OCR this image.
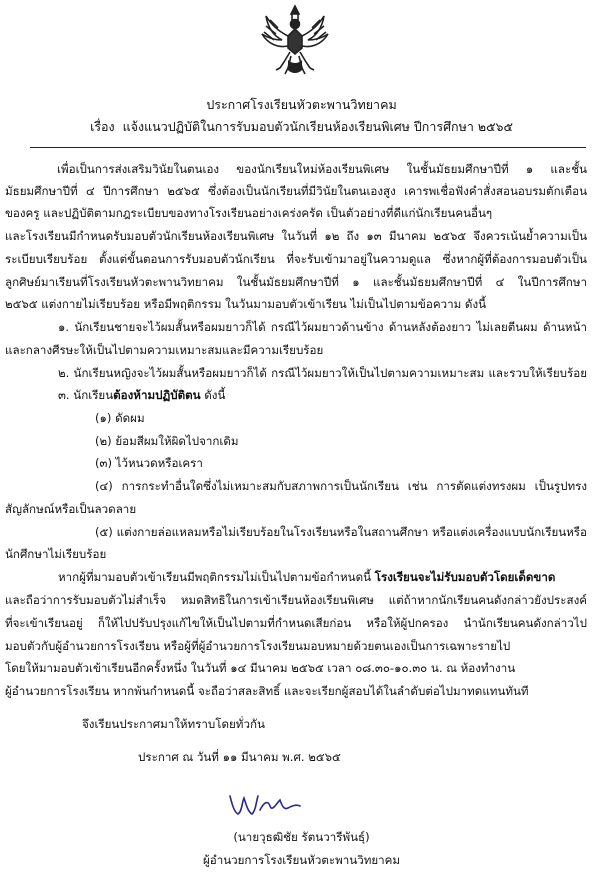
ประกาศโรงเรียนหัวตะพานวิทยาคม
เรื่อง แจ้งแนวปฏิบัติในการรับมอบตัวนักเรียนห้องเรียนพิเศษ ปีการศึกษา ๒๕๖๕
เพื่อเป็นการส่งเสริมวินัยในตนเอง ของนักเรียนใหม่ห้องเรียนพิเศษ ในชั้นมัธยมศึกษาปีที่ ๑ และชั้น
มัธยมศึกษาปีที่ ๔ ปีการศึกษา ๒๕๖๕ ซึ่งต้องเป็นนักเรียนที่มีวินัยในตนเองสูง เคารพเชื่อฟังคำสั่งสอนอบรมตักเตือน
ของครู และปฏิบัติตามกฎระเบียบของทางโรงเรียนอย่างเคร่งครัด เป็นตัวอย่างที่ดีแก่นักเรียนคนอื่นๆ
และโรงเรียนมีกำหนดรับมอบตัวนักเรียนห้องเรียนพิเศษ ในวันที่ ๑๒ ถึง ๑๓ มีนาคม ๒๕๖๕ จึงควรเน้นย้ำความเป็น
ระเบียบเรียบร้อย ตั้งแต่ขั้นตอนการรับมอบตัวนักเรียน ที่จะรับเข้ามาอยู่ในความดูแล ซึ่งหากผู้ที่ต้องการมอบตัวเป็น
ลูกศิษย์มาเรียนที่โรงเรียนหัวตะพานวิทยาคม ในชั้นมัธยมศึกษาปีที่ ๑ และชั้นมัธยมศึกษาปีที่ ๔ ในปีการศึกษา
๒๕๖๕ แต่งกายไม่เรียบร้อย หรือมีพฤติกรรม ในวันมามอบตัวเข้าเรียน ไม่เป็นไปตามข้อความ ดังนี้
๑. นักเรียนชายจะไว้ผมสั้นหรือผมยาวก็ได้ กรณีไว้ผมยาวด้านข้าง ด้านหลังต้องยาว ไม่เลยตีนผม ด้านหน้า
และกลางศีรษะให้เป็นไปตามความเหมาะสมและมีความเรียบร้อย
๒. นักเรียนหญิงจะไว้ผมสั้นหรือผมยาวก็ได้ กรณีไว้ผมยาวให้เป็นไปตามความเหมาะสม และรวบให้เรียบร้อย
๓. นักเรียนต้องห้ามปฏิบัติตน ดังนี้
(๑) ดัดผม
(๒) ย้อมสีผมให้ผิดไปจากเดิม
(๓) ไว้หนวดหรือเครา
(๔) การกระทำอื่นใดซึ่งไม่เหมาะสมกับสภาพการเป็นนักเรียน เช่น การตัดแต่งทรงผม เป็นรูปทรง
สัญลักษณ์หรือเป็นลวดลาย
(๕) แต่งกายล่อแหลมหรือไม่เรียบร้อยในโรงเรียนหรือในสถานศึกษา หรือแต่งเครื่องแบบนักเรียนหรือ
นักศึกษาไม่เรียบร้อย
หากผู้ที่มามอบตัวเข้าเรียนมีพฤติกรรมไม่เป็นไปตามข้อกำหนดนี้ โรงเรียนจะไม่รับมอบตัวโดยเด็ดขาด
และถือว่าการรับมอบตัวไม่สำเร็จ หมดสิทธิในการเข้าเรียนห้องเรียนพิเศษ แต่ถ้าหากนักเรียนคนดังกล่าวยังประสงค์
ที่จะเข้าเรียนอยู่ ก็ให้ไปปรับปรุงแก้ไขให้เป็นไปตามที่กำหนดเสียก่อน หรือให้ผู้ปกครอง นำนักเรียนคนดังกล่าวไป
มอบตัวกับผู้อำนวยการโรงเรียน หรือผู้ที่ผู้อำนวยการโรงเรียนมอบหมายด้วยตนเองเป็นการเฉพาะรายไป
โดยให้มามอบตัวเข้าเรียนอีกครั้งหนึ่ง ในวันที่ ๑๔ มีนาคม ๒๕๖๕ เวลา ๐๘.๓๐-๑๐.๓๐ น. ณ ห้องทำงาน
ผู้อำนวยการโรงเรียน หากพ้นกำหนดนี้ จะถือว่าสละสิทธิ์ และจะเรียกผู้สอบได้ในลำดับต่อไปมาทดแทนทันที
จึงเรียนประกาศมาให้ทราบโดยทั่วกัน
ประกาศ ณ วันที่ ๑๑ มีนาคม พ.ศ. ๒๕๖๕
(นายวุธฒิชัย รัตนวารีพันธุ์)
ผู้อำนวยการโรงเรียนหัวตะพานวิทยาคม
